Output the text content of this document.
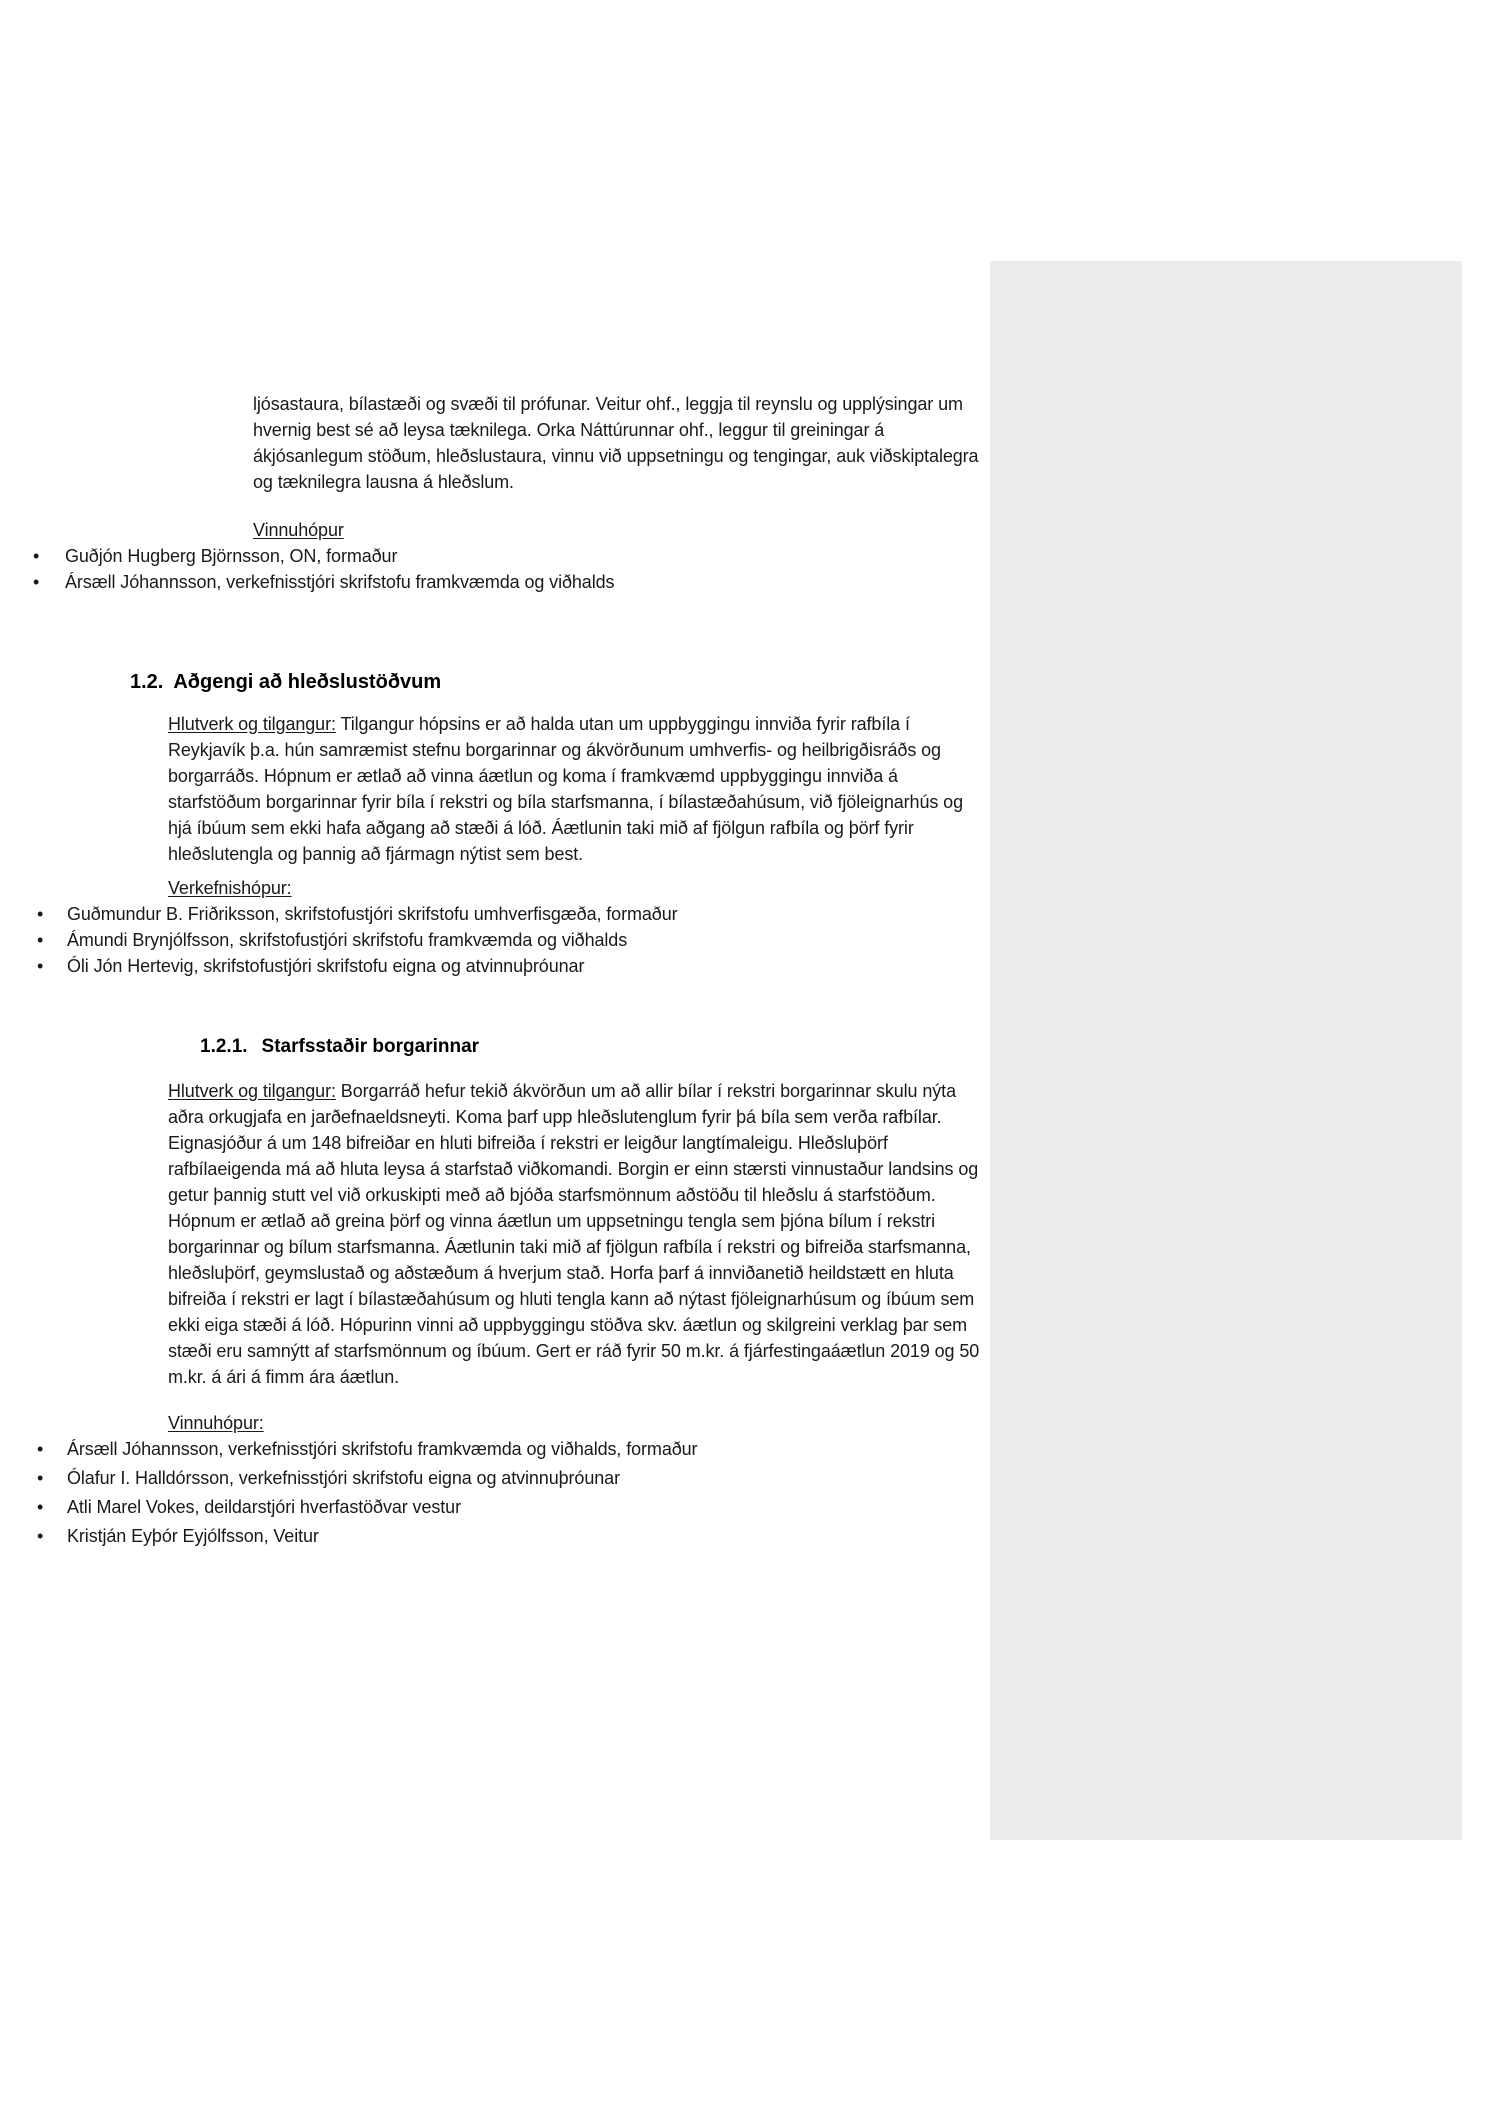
ljósastaura, bílastæði og svæði til prófunar. Veitur ohf., leggja til reynslu og upplýsingar um hvernig best sé að leysa tæknilega. Orka Náttúrunnar ohf., leggur til greiningar á ákjósanlegum stöðum, hleðslustaura, vinnu við uppsetningu og tengingar, auk viðskiptalegra og tæknilegra lausna á hleðslum.

Vinnuhópur

• Guðjón Hugberg Björnsson, ON, formaður
• Ársæll Jóhannsson, verkefnisstjóri skrifstofu framkvæmda og viðhalds
1.2. Aðgengi að hleðslustöðvum

Hlutverk og tilgangur: Tilgangur hópsins er að halda utan um uppbyggingu innviða fyrir rafbíla í Reykjavík þ.a. hún samræmist stefnu borgarinnar og ákvörðunum umhverfis- og heilbrigðisráðs og borgarráðs. Hópnum er ætlað að vinna áætlun og koma í framkvæmd uppbyggingu innviða á starfstöðum borgarinnar fyrir bíla í rekstri og bíla starfsmanna, í bílastæðahúsum, við fjöleignarhús og hjá íbúum sem ekki hafa aðgang að stæði á lóð. Áætlunin taki mið af fjölgun rafbíla og þörf fyrir hleðslutengla og þannig að fjármagn nýtist sem best.

Verkefnishópur:

• Guðmundur B. Friðriksson, skrifstofustjóri skrifstofu umhverfisgæða, formaður
• Ámundi Brynjólfsson, skrifstofustjóri skrifstofu framkvæmda og viðhalds
• Óli Jón Hertevig, skrifstofustjóri skrifstofu eigna og atvinnuþróunar
1.2.1. Starfsstaðir borgarinnar

Hlutverk og tilgangur: Borgarráð hefur tekið ákvörðun um að allir bílar í rekstri borgarinnar skulu nýta aðra orkugjafa en jarðefnaeldsneyti. Koma þarf upp hleðslutenglum fyrir þá bíla sem verða rafbílar. Eignasjóður á um 148 bifreiðar en hluti bifreiða í rekstri er leigður langtímaleigu. Hleðsluþörf rafbílaeigenda má að hluta leysa á starfstað viðkomandi. Borgin er einn stærsti vinnustaður landsins og getur þannig stutt vel við orkuskipti með að bjóða starfsmönnum aðstöðu til hleðslu á starfstöðum. Hópnum er ætlað að greina þörf og vinna áætlun um uppsetningu tengla sem þjóna bílum í rekstri borgarinnar og bílum starfsmanna. Áætlunin taki mið af fjölgun rafbíla í rekstri og bifreiða starfsmanna, hleðsluþörf, geymslustað og aðstæðum á hverjum stað. Horfa þarf á innviðanetið heildstætt en hluta bifreiða í rekstri er lagt í bílastæðahúsum og hluti tengla kann að nýtast fjöleignarhúsum og íbúum sem ekki eiga stæði á lóð. Hópurinn vinni að uppbyggingu stöðva skv. áætlun og skilgreini verklag þar sem stæði eru samnýtt af starfsmönnum og íbúum. Gert er ráð fyrir 50 m.kr. á fjárfestingaáætlun 2019 og 50 m.kr. á ári á fimm ára áætlun.

Vinnuhópur:

• Ársæll Jóhannsson, verkefnisstjóri skrifstofu framkvæmda og viðhalds, formaður
• Ólafur I. Halldórsson, verkefnisstjóri skrifstofu eigna og atvinnuþróunar
• Atli Marel Vokes, deildarstjóri hverfastöðvar vestur
• Kristján Eyþór Eyjólfsson, Veitur
